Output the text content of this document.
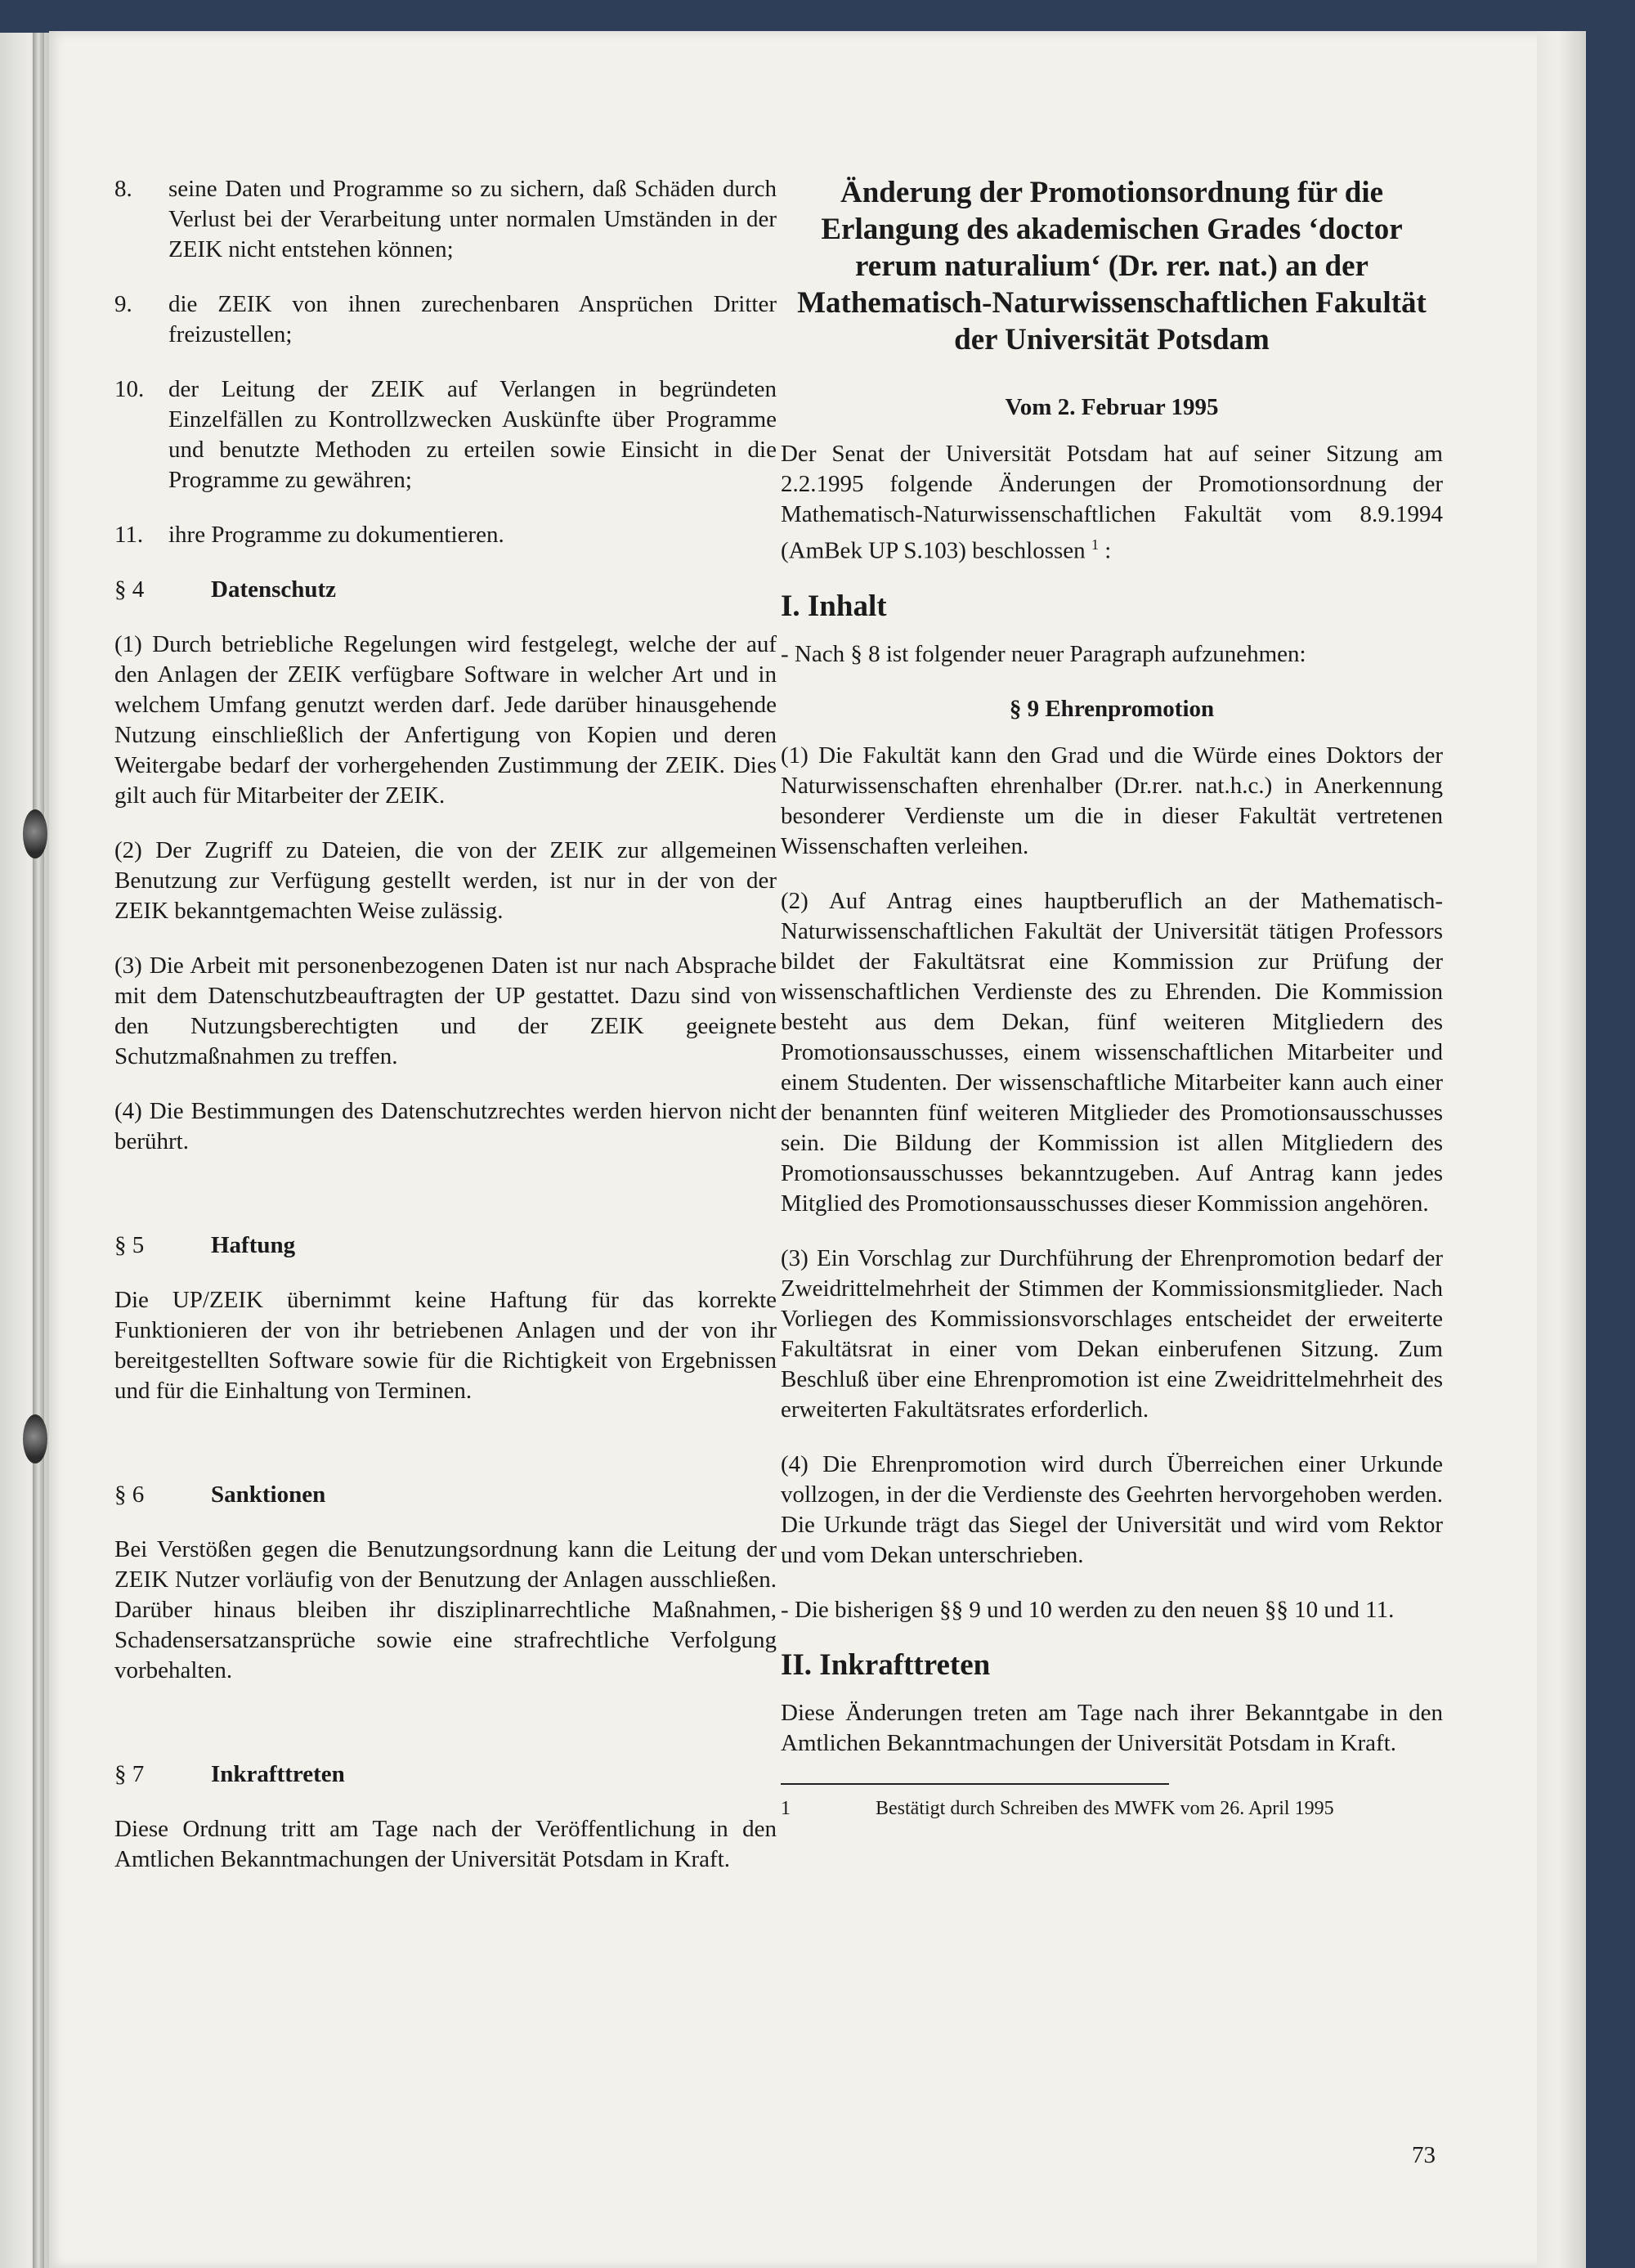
8.	seine Daten und Programme so zu sichern, daß Schäden durch Verlust bei der Verarbeitung unter normalen Umständen in der ZEIK nicht entstehen können;
9.	die ZEIK von ihnen zurechenbaren Ansprüchen Dritter freizustellen;
10.	der Leitung der ZEIK auf Verlangen in begründeten Einzelfällen zu Kontrollzwecken Auskünfte über Programme und benutzte Methoden zu erteilen sowie Einsicht in die Programme zu gewähren;
11.	ihre Programme zu dokumentieren.
§ 4	Datenschutz

(1) Durch betriebliche Regelungen wird festgelegt, welche der auf den Anlagen der ZEIK verfügbare Software in welcher Art und in welchem Umfang genutzt werden darf. Jede darüber hinausgehende Nutzung einschließlich der Anfertigung von Kopien und deren Weitergabe bedarf der vorhergehenden Zustimmung der ZEIK. Dies gilt auch für Mitarbeiter der ZEIK.

(2) Der Zugriff zu Dateien, die von der ZEIK zur allgemeinen Benutzung zur Verfügung gestellt werden, ist nur in der von der ZEIK bekanntgemachten Weise zulässig.

(3) Die Arbeit mit personenbezogenen Daten ist nur nach Absprache mit dem Datenschutzbeauftragten der UP gestattet. Dazu sind von den Nutzungsberechtigten und der ZEIK geeignete Schutzmaßnahmen zu treffen.

(4) Die Bestimmungen des Datenschutzrechtes werden hiervon nicht berührt.

§ 5	Haftung

Die UP/ZEIK übernimmt keine Haftung für das korrekte Funktionieren der von ihr betriebenen Anlagen und der von ihr bereitgestellten Software sowie für die Richtigkeit von Ergebnissen und für die Einhaltung von Terminen.

§ 6	Sanktionen

Bei Verstößen gegen die Benutzungsordnung kann die Leitung der ZEIK Nutzer vorläufig von der Benutzung der Anlagen ausschließen. Darüber hinaus bleiben ihr disziplinarrechtliche Maßnahmen, Schadensersatzansprüche sowie eine strafrechtliche Verfolgung vorbehalten.

§ 7	Inkrafttreten

Diese Ordnung tritt am Tage nach der Veröffentlichung in den Amtlichen Bekanntmachungen der Universität Potsdam in Kraft.

Änderung der Promotionsordnung für die Erlangung des akademischen Grades ‘doctor rerum naturalium‘ (Dr. rer. nat.) an der Mathematisch-Naturwissenschaftlichen Fakultät der Universität Potsdam
Vom 2. Februar 1995

Der Senat der Universität Potsdam hat auf seiner Sitzung am 2.2.1995 folgende Änderungen der Promotionsordnung der Mathematisch-Naturwissenschaftlichen Fakultät vom 8.9.1994 (AmBek UP S.103) beschlossen $^1$ :

I. Inhalt

- Nach § 8 ist folgender neuer Paragraph aufzunehmen:

§ 9 Ehrenpromotion

(1) Die Fakultät kann den Grad und die Würde eines Doktors der Naturwissenschaften ehrenhalber (Dr.rer. nat.h.c.) in Anerkennung besonderer Verdienste um die in dieser Fakultät vertretenen Wissenschaften verleihen.

(2) Auf Antrag eines hauptberuflich an der Mathematisch-Naturwissenschaftlichen Fakultät der Universität tätigen Professors bildet der Fakultätsrat eine Kommission zur Prüfung der wissenschaftlichen Verdienste des zu Ehrenden. Die Kommission besteht aus dem Dekan, fünf weiteren Mitgliedern des Promotionsausschusses, einem wissenschaftlichen Mitarbeiter und einem Studenten. Der wissenschaftliche Mitarbeiter kann auch einer der benannten fünf weiteren Mitglieder des Promotionsausschusses sein. Die Bildung der Kommission ist allen Mitgliedern des Promotionsausschusses bekanntzugeben. Auf Antrag kann jedes Mitglied des Promotionsausschusses dieser Kommission angehören.

(3) Ein Vorschlag zur Durchführung der Ehrenpromotion bedarf der Zweidrittelmehrheit der Stimmen der Kommissionsmitglieder. Nach Vorliegen des Kommissionsvorschlages entscheidet der erweiterte Fakultätsrat in einer vom Dekan einberufenen Sitzung. Zum Beschluß über eine Ehrenpromotion ist eine Zweidrittelmehrheit des erweiterten Fakultätsrates erforderlich.

(4) Die Ehrenpromotion wird durch Überreichen einer Urkunde vollzogen, in der die Verdienste des Geehrten hervorgehoben werden. Die Urkunde trägt das Siegel der Universität und wird vom Rektor und vom Dekan unterschrieben.

- Die bisherigen §§ 9 und 10 werden zu den neuen §§ 10 und 11.

II. Inkrafttreten

Diese Änderungen treten am Tage nach ihrer Bekanntgabe in den Amtlichen Bekanntmachungen der Universität Potsdam in Kraft.

1	Bestätigt durch Schreiben des MWFK vom 26. April 1995
73
